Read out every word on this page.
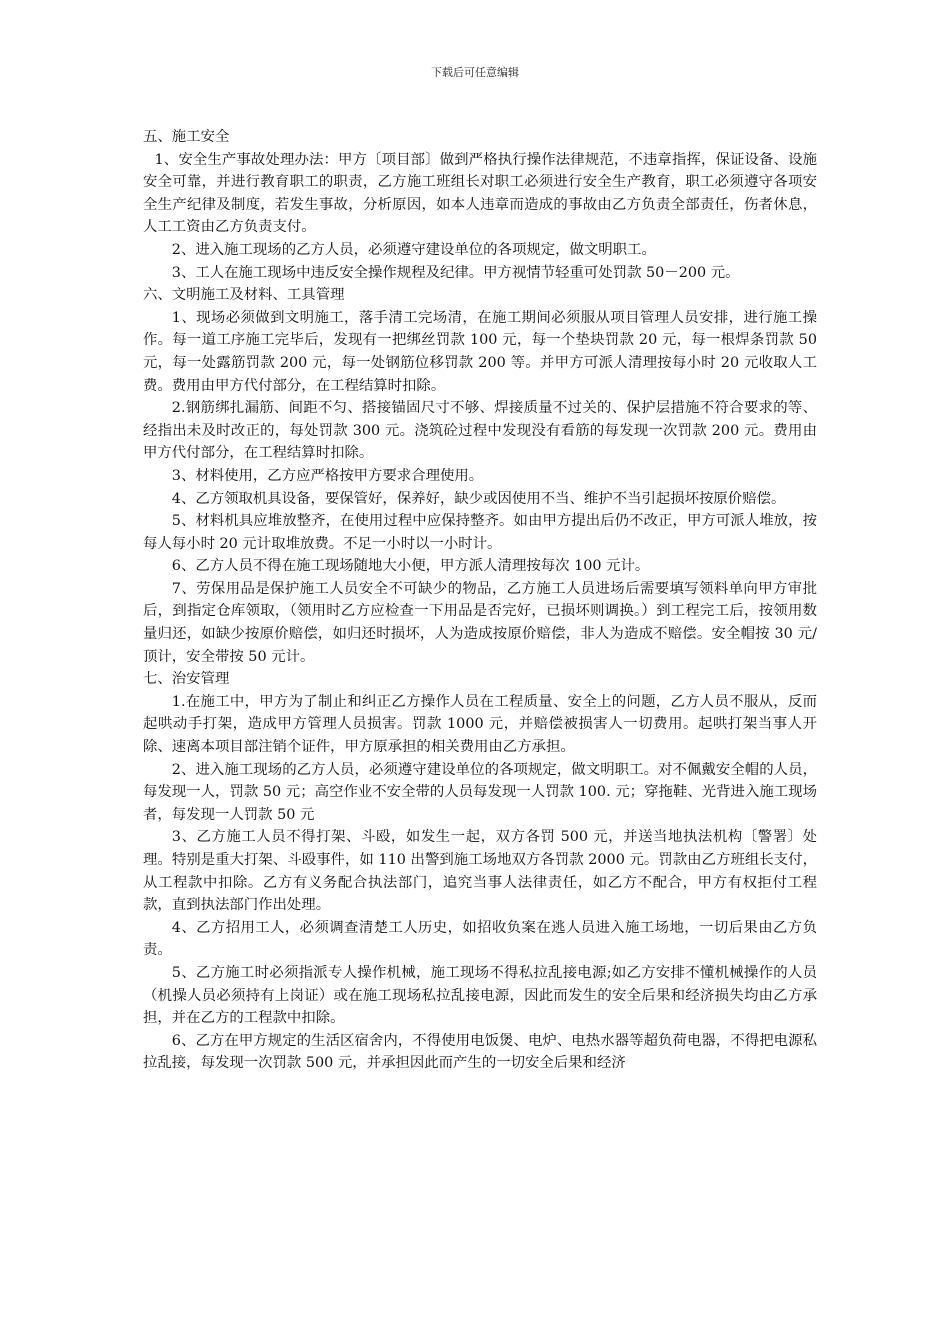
下载后可任意编辑

五、施工安全

1、安全生产事故处理办法：甲方〔项目部〕做到严格执行操作法律规范，不违章指挥，保证设备、设施安全可靠，并进行教育职工的职责，乙方施工班组长对职工必须进行安全生产教育，职工必须遵守各项安全生产纪律及制度，若发生事故，分析原因，如本人违章而造成的事故由乙方负责全部责任，伤者休息，人工工资由乙方负责支付。

2、进入施工现场的乙方人员，必须遵守建设单位的各项规定，做文明职工。

3、工人在施工现场中违反安全操作规程及纪律。甲方视情节轻重可处罚款 50－200 元。

六、文明施工及材料、工具管理

1、现场必须做到文明施工，落手清工完场清，在施工期间必须服从项目管理人员安排，进行施工操作。每一道工序施工完毕后，发现有一把绑丝罚款 100 元，每一个垫块罚款 20 元，每一根焊条罚款 50 元，每一处露筋罚款 200 元，每一处钢筋位移罚款 200 等。并甲方可派人清理按每小时 20 元收取人工费。费用由甲方代付部分，在工程结算时扣除。

2.钢筋绑扎漏筋、间距不匀、搭接锚固尺寸不够、焊接质量不过关的、保护层措施不符合要求的等、经指出未及时改正的，每处罚款 300 元。浇筑砼过程中发现没有看筋的每发现一次罚款 200 元。费用由甲方代付部分，在工程结算时扣除。

3、材料使用，乙方应严格按甲方要求合理使用。

4、乙方领取机具设备，要保管好，保养好，缺少或因使用不当、维护不当引起损坏按原价赔偿。

5、材料机具应堆放整齐，在使用过程中应保持整齐。如由甲方提出后仍不改正，甲方可派人堆放，按每人每小时 20 元计取堆放费。不足一小时以一小时计。

6、乙方人员不得在施工现场随地大小便，甲方派人清理按每次 100 元计。

7、劳保用品是保护施工人员安全不可缺少的物品，乙方施工人员进场后需要填写领料单向甲方审批后，到指定仓库领取，（领用时乙方应检查一下用品是否完好，已损坏则调换。）到工程完工后，按领用数量归还，如缺少按原价赔偿，如归还时损坏，人为造成按原价赔偿，非人为造成不赔偿。安全帽按 30 元/顶计，安全带按 50 元计。

七、治安管理

1.在施工中，甲方为了制止和纠正乙方操作人员在工程质量、安全上的问题，乙方人员不服从，反而起哄动手打架，造成甲方管理人员损害。罚款 1000 元，并赔偿被损害人一切费用。起哄打架当事人开除、速离本项目部注销个证件，甲方原承担的相关费用由乙方承担。

2、进入施工现场的乙方人员，必须遵守建设单位的各项规定，做文明职工。对不佩戴安全帽的人员，每发现一人，罚款 50 元；高空作业不安全带的人员每发现一人罚款 100. 元；穿拖鞋、光背进入施工现场者，每发现一人罚款 50 元

3、乙方施工人员不得打架、斗殴，如发生一起，双方各罚 500 元，并送当地执法机构〔警署〕处理。特别是重大打架、斗殴事件，如 110 出警到施工场地双方各罚款 2000 元。罚款由乙方班组长支付，从工程款中扣除。乙方有义务配合执法部门，追究当事人法律责任，如乙方不配合，甲方有权拒付工程款，直到执法部门作出处理。

4、乙方招用工人，必须调查清楚工人历史，如招收负案在逃人员进入施工场地，一切后果由乙方负责。

5、乙方施工时必须指派专人操作机械，施工现场不得私拉乱接电源;如乙方安排不懂机械操作的人员（机操人员必须持有上岗证）或在施工现场私拉乱接电源，因此而发生的安全后果和经济损失均由乙方承担，并在乙方的工程款中扣除。

6、乙方在甲方规定的生活区宿舍内，不得使用电饭煲、电炉、电热水器等超负荷电器，不得把电源私拉乱接，每发现一次罚款 500 元，并承担因此而产生的一切安全后果和经济
